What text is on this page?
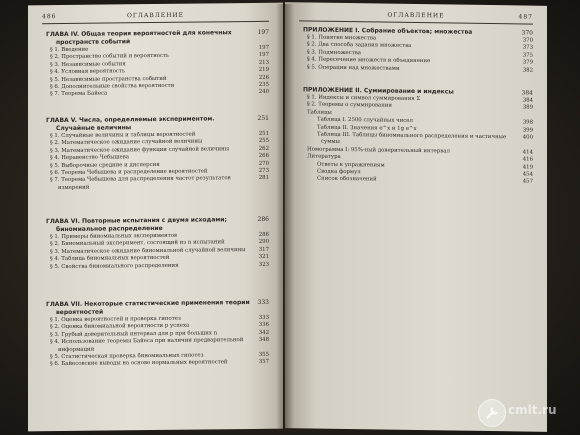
486	ОГЛАВЛЕНИЕ
ГЛАВА IV. Общая теория вероятностей для конечных пространств событий
197
§ 1. Введение	197
§ 2. Пространство событий и вероятность	197
§ 3. Независимые события	213
§ 4. Условная вероятность	219
§ 5. Независимые пространства событий	226
§ 6. Дополнительные свойства вероятности	235
§ 7. Теорема Байеса	240
ГЛАВА V. Числа, определяемые экспериментом. Случайные величины
251
§ 1. Случайные величины и таблицы вероятностей	251
§ 2. Математическое ожидание случайной величины	255
§ 3. Математическое ожидание функции случайной величины	262
§ 4. Неравенство Чебышева	266
§ 5. Выборочные средние и дисперсия	270
§ 6. Теорема Чебышева и распределение вероятностей	273
§ 7. Теорема Чебышева для распределения частот результатов измерений
281
ГЛАВА VI. Повторные испытания с двумя исходами; биномиальное распределение
286
§ 1. Примеры биномиальных экспериментов	286
§ 2. Биномиальный эксперимент, состоящий из n испытаний	290
§ 3. Математическое ожидание биномиальной случайной величины	317
§ 4. Таблица биномиальных вероятностей	321
§ 5. Свойства биномиального распределения	323
ГЛАВА VII. Некоторые статистические применения теории вероятностей
333
§ 1. Оценка вероятностей и проверка гипотез	333
§ 2. Оценка биномиальной вероятности p успеха	336
§ 3. Грубый доверительный интервал для p при больших n	342
§ 4. Использование теоремы Байеса при наличии предварительной информации
348
§ 5. Статистическая проверка биномиальных гипотез	355
§ 6. Байесовские выводы на основе нормальных вероятностей	357
ОГЛАВЛЕНИЕ	487
ПРИЛОЖЕНИЕ I. Собрание объектов; множества	370
§ 1. Понятие множества	370
§ 2. Два способа задания множества	373
§ 3. Подмножества	375
§ 4. Пересечение множеств и объединение	379
§ 5. Операции над множествами	382
ПРИЛОЖЕНИЕ II. Суммирование и индексы	384
§ 1. Индексы и символ суммирования Σ	384
§ 2. Теоремы о суммировании	389
Таблицы
Таблица I. 2500 случайных чисел	398
Таблица II. Значения e^x и 1g e^x	399
Таблица III. Таблицы биномиального распределения и частичные суммы
400
Номограмма I: 95%-ный доверительный интервал	414
Литература	416
Ответы к упражнениям	419
Сводка формул	454
Список обозначений	457
cmlt.ru
